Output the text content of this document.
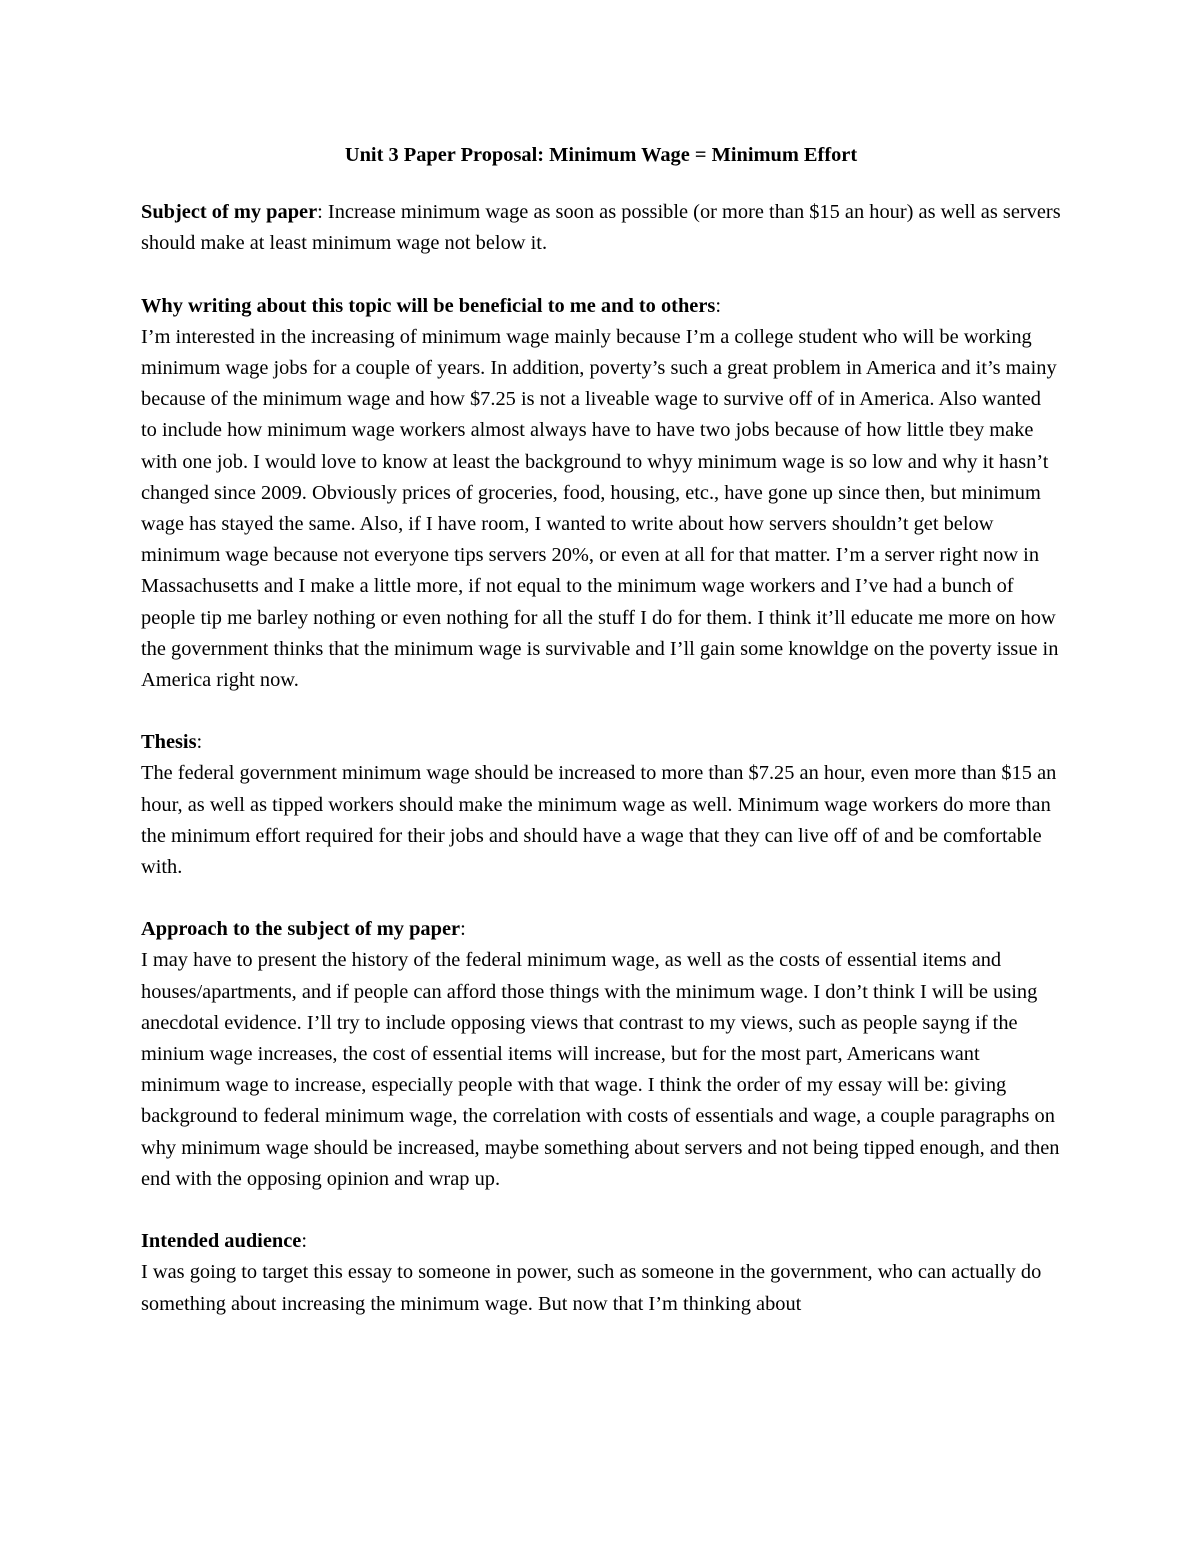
Unit 3 Paper Proposal: Minimum Wage = Minimum Effort

Subject of my paper: Increase minimum wage as soon as possible (or more than $15 an hour) as well as servers should make at least minimum wage not below it.

Why writing about this topic will be beneficial to me and to others:

I’m interested in the increasing of minimum wage mainly because I’m a college student who will be working minimum wage jobs for a couple of years. In addition, poverty’s such a great problem in America and it’s mainy because of the minimum wage and how $7.25 is not a liveable wage to survive off of in America. Also wanted to include how minimum wage workers almost always have to have two jobs because of how little tbey make with one job. I would love to know at least the background to whyy minimum wage is so low and why it hasn’t changed since 2009. Obviously prices of groceries, food, housing, etc., have gone up since then, but minimum wage has stayed the same. Also, if I have room, I wanted to write about how servers shouldn’t get below minimum wage because not everyone tips servers 20%, or even at all for that matter. I’m a server right now in Massachusetts and I make a little more, if not equal to the minimum wage workers and I’ve had a bunch of people tip me barley nothing or even nothing for all the stuff I do for them. I think it’ll educate me more on how the government thinks that the minimum wage is survivable and I’ll gain some knowldge on the poverty issue in America right now.

Thesis:

The federal government minimum wage should be increased to more than $7.25 an hour, even more than $15 an hour, as well as tipped workers should make the minimum wage as well. Minimum wage workers do more than the minimum effort required for their jobs and should have a wage that they can live off of and be comfortable with.

Approach to the subject of my paper:

I may have to present the history of the federal minimum wage, as well as the costs of essential items and houses/apartments, and if people can afford those things with the minimum wage. I don’t think I will be using anecdotal evidence. I’ll try to include opposing views that contrast to my views, such as people sayng if the minium wage increases, the cost of essential items will increase, but for the most part, Americans want minimum wage to increase, especially people with that wage. I think the order of my essay will be: giving background to federal minimum wage, the correlation with costs of essentials and wage, a couple paragraphs on why minimum wage should be increased, maybe something about servers and not being tipped enough, and then end with the opposing opinion and wrap up.

Intended audience:

I was going to target this essay to someone in power, such as someone in the government, who can actually do something about increasing the minimum wage. But now that I’m thinking about
